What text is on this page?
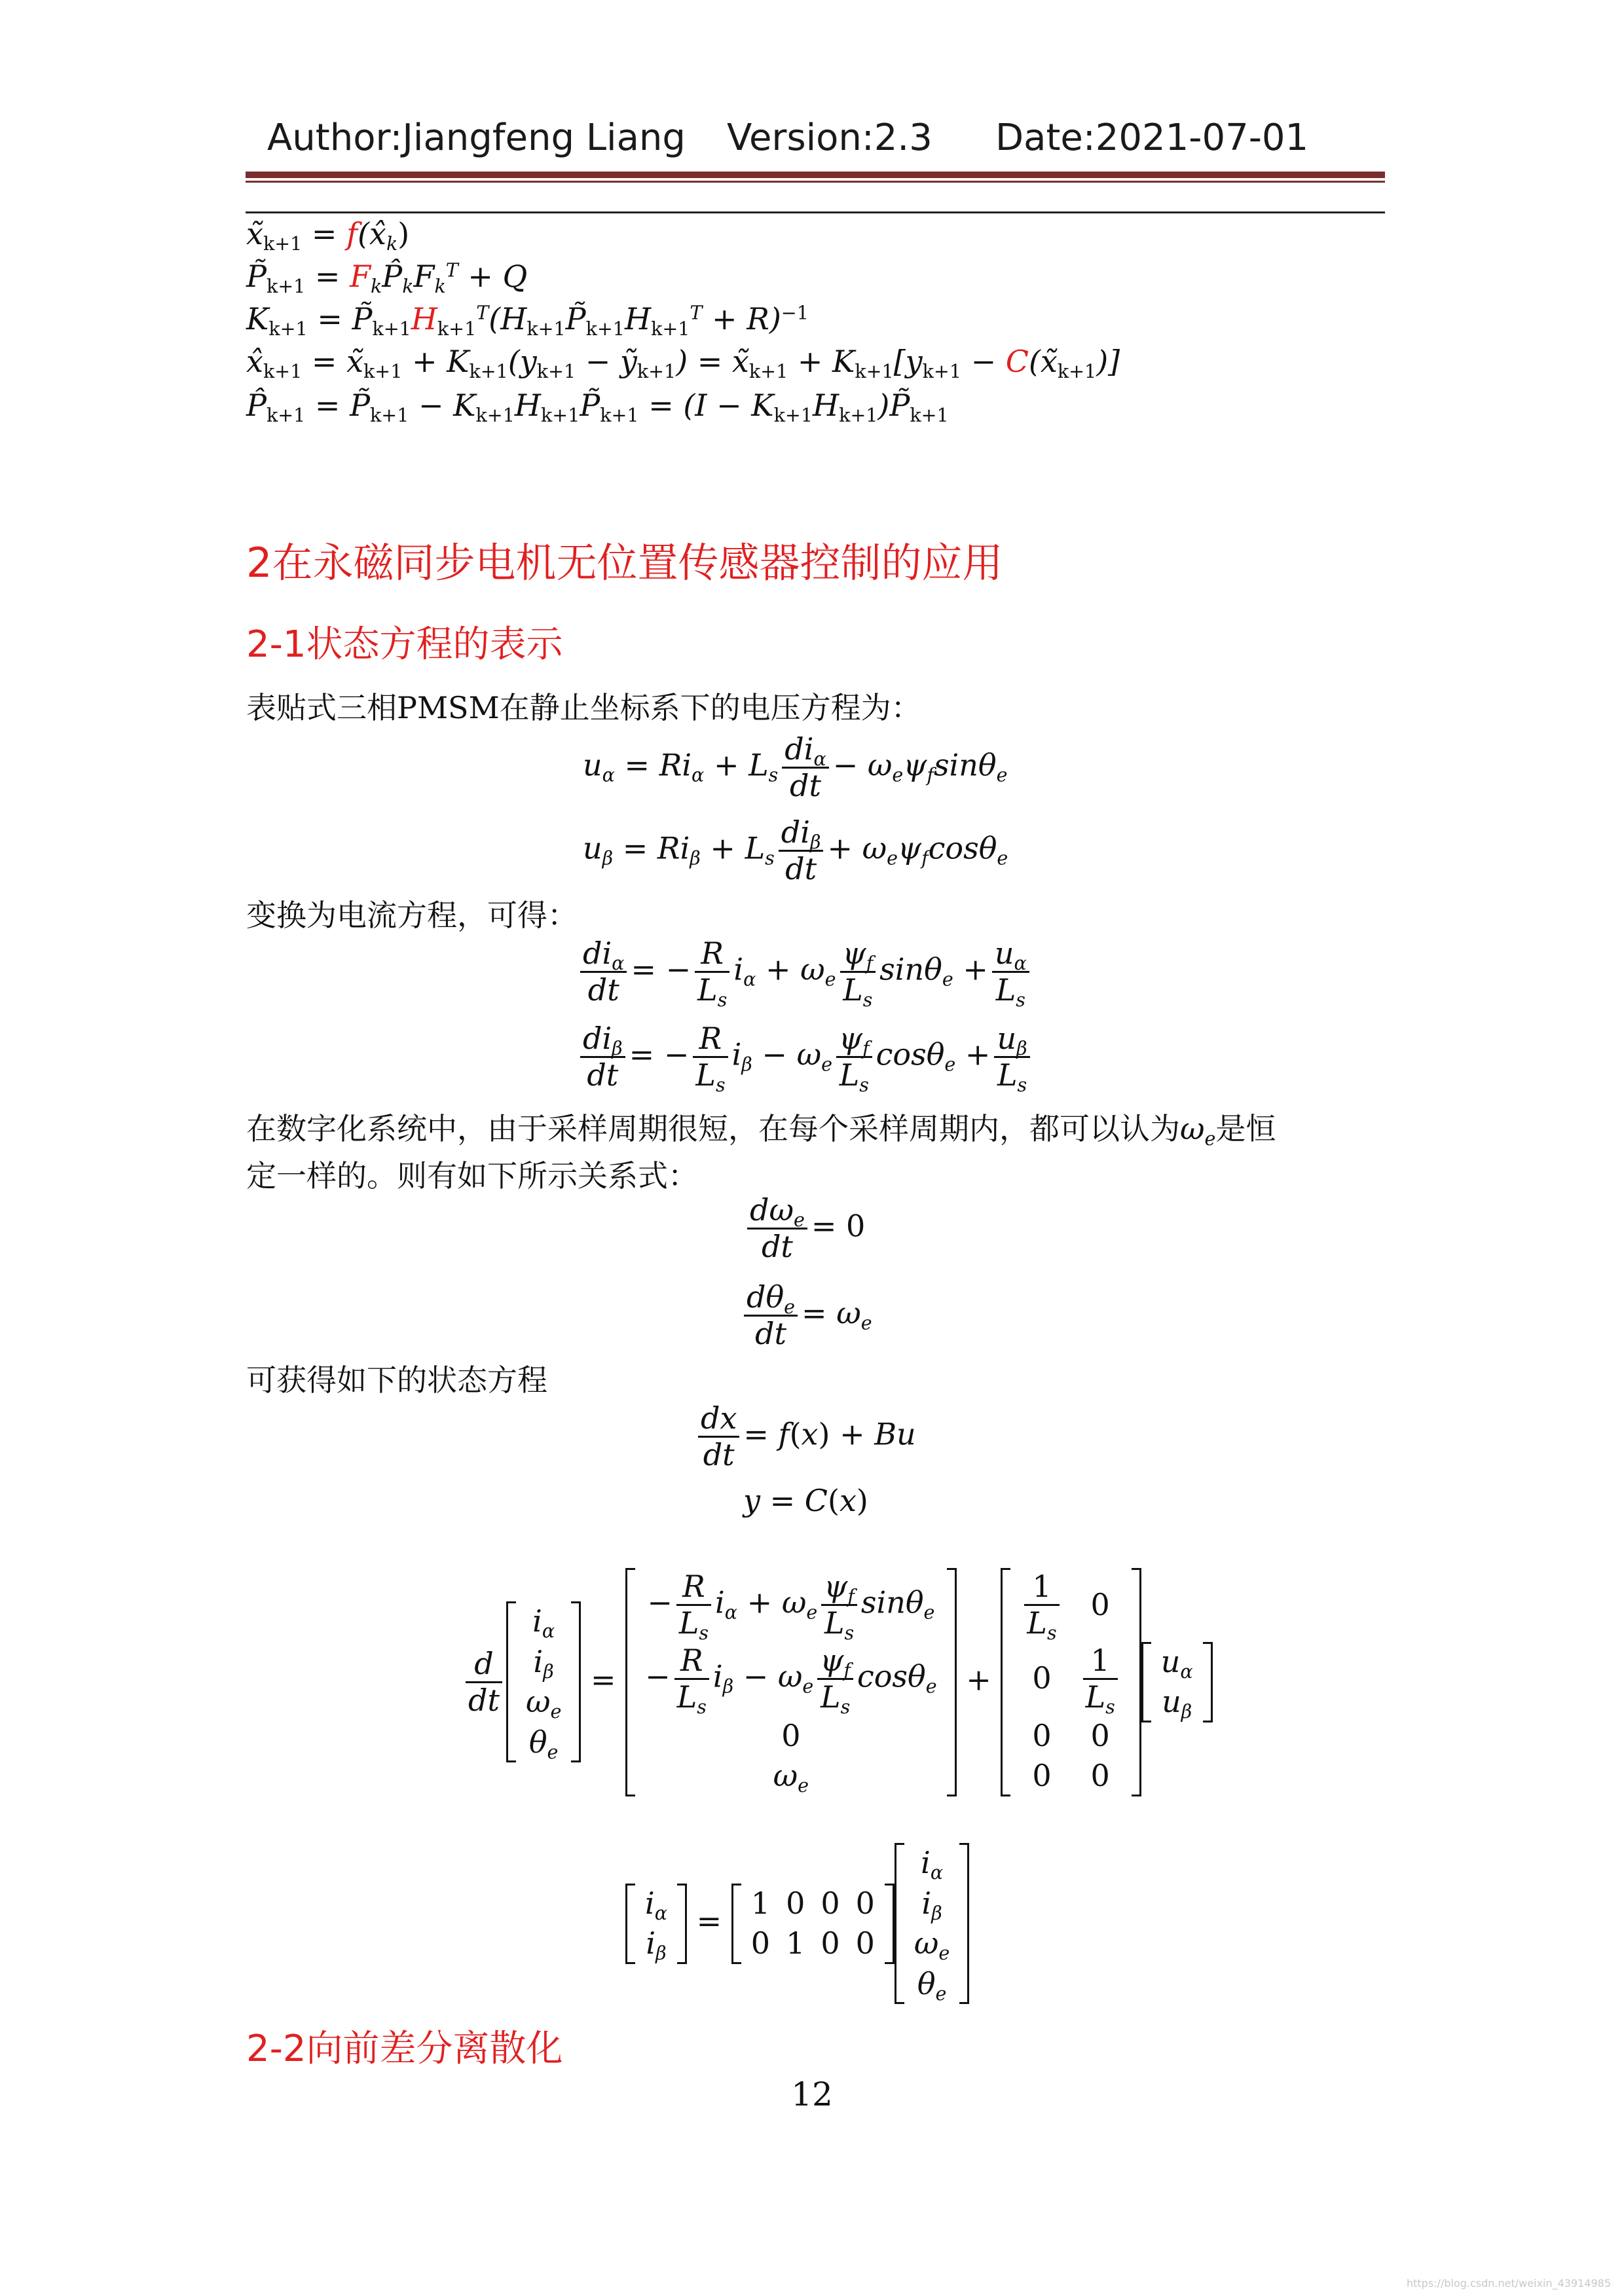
Author:Jiangfeng Liang Version:2.3 Date:2021-07-01
$x̃_{k+1}$ = $f(x̂_k)$
$P̃_{k+1}$ = $F_kP̂_kF_k^T + Q$
$K_{k+1}$ = $P̃_{k+1}H_{k+1}^T(H_{k+1}P̃_{k+1}H_{k+1}^T + R)^{-1}$
$x̂_{k+1}$ = $x̃_{k+1} + K_{k+1}(y_{k+1}$ − ỹ$_{k+1}$) = $x̃_{k+1} + K_{k+1}[y_{k+1}$ − $C(x̃_{k+1})$]
$P̂_{k+1}$ = $P̃_{k+1}$ − $K_{k+1}H_{k+1}P̃_{k+1} = (I$ − $K_{k+1}H_{k+1})P̃_{k+1}$
2在永磁同步电机无位置传感器控制的应用
2-1状态方程的表示
表贴式三相PMSM在静止坐标系下的电压方程为：
$u_\alpha = Ri_\alpha + L_s \frac{di_\alpha}{dt} - \omega_e\psi_f\sin\theta_e$
$u_\beta = Ri_\beta + L_s \frac{di_\beta}{dt} + \omega_e\psi_f\cos\theta_e$
变换为电流方程，可得：
$\frac{di_\alpha}{dt}$ = − $\frac{R}{L_s} i_\alpha + \omega_e \frac{\psi_f}{L_s} \sin\theta_e + \frac{u_\alpha}{L_s}$
$\frac{di_\beta}{dt}$ = − $\frac{R}{L_s} i_\beta - \omega_e \frac{\psi_f}{L_s} \cos\theta_e + \frac{u_\beta}{L_s}$
在数字化系统中，由于采样周期很短，在每个采样周期内，都可以认为$\omega_e$是恒
定一样的。则有如下所示关系式：
$\frac{d\omega_e}{dt} = 0$
$\frac{d\theta_e}{dt} = \omega_e$
可获得如下的状态方程
$\frac{dx}{dt} = f(x) + Bu$
y = C(x)
$\frac{d}{dt}$
$i_\alpha$
$i_\beta$
$\omega_e$
$\theta_e$
=
− $\frac{R}{L_s} i_\alpha + \omega_e \frac{\psi_f}{L_s} \sin\theta_e$
− $\frac{R}{L_s} i_\beta - \omega_e \frac{\psi_f}{L_s} \cos\theta_e$
0
$\omega_e$
+
$\frac{1}{L_s}$	0
0	$\frac{1}{L_s}$

0	0
0	0
$u_\alpha$
$u_\beta$
$i_\alpha$
$i_\beta$
=
1	0	0	0
0	1	0	0
$i_\alpha$
$i_\beta$
$\omega_e$
$\theta_e$
2-2向前差分离散化
12
https://blog.csdn.net/weixin_43914985
